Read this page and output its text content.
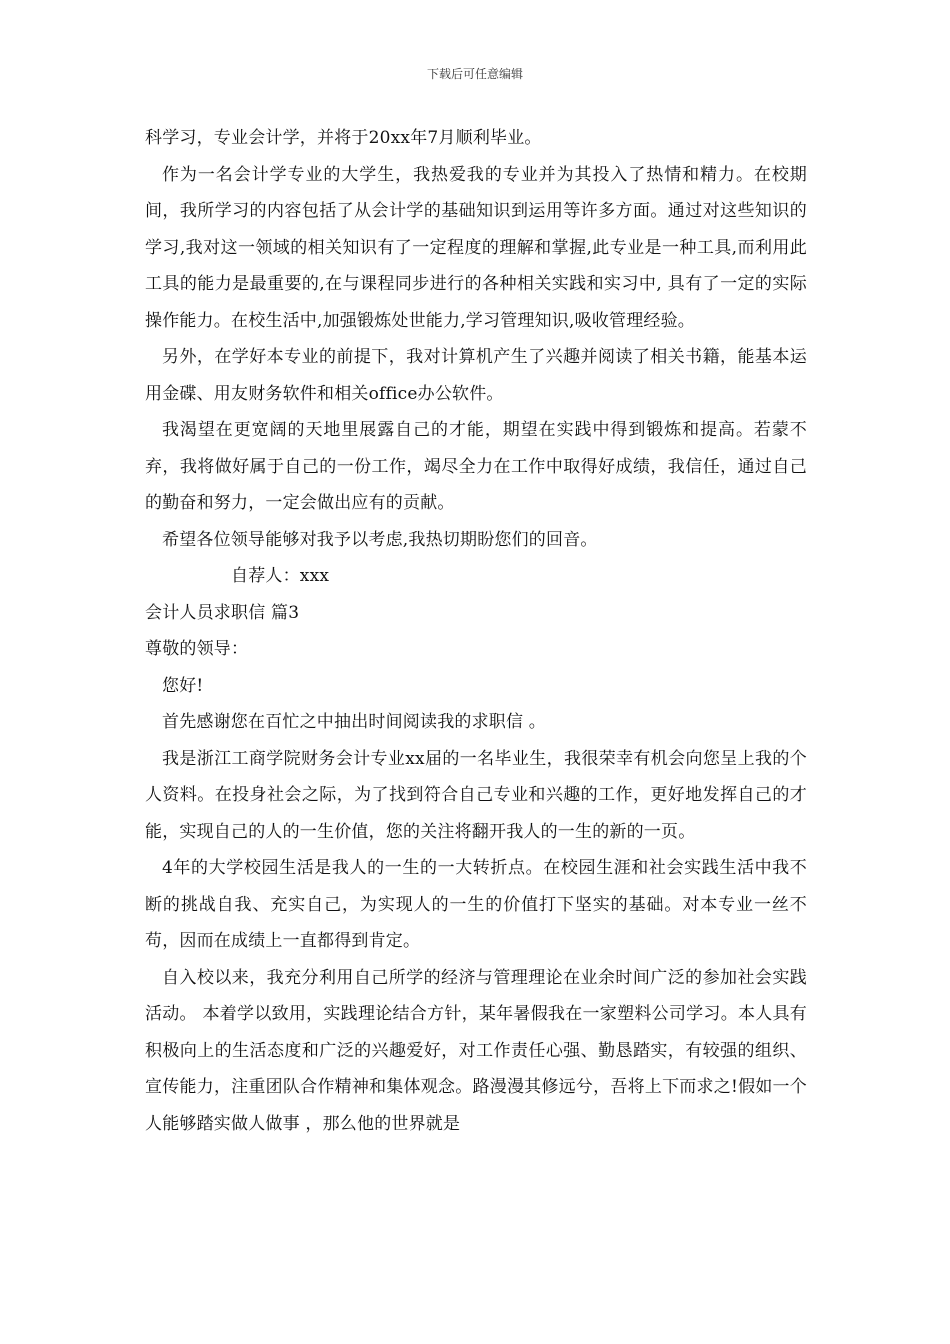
下载后可任意编辑

科学习，专业会计学，并将于20xx年7月顺利毕业。

作为一名会计学专业的大学生，我热爱我的专业并为其投入了热情和精力。在校期间，我所学习的内容包括了从会计学的基础知识到运用等许多方面。通过对这些知识的学习,我对这一领域的相关知识有了一定程度的理解和掌握,此专业是一种工具,而利用此工具的能力是最重要的,在与课程同步进行的各种相关实践和实习中, 具有了一定的实际操作能力。在校生活中,加强锻炼处世能力,学习管理知识,吸收管理经验。

另外，在学好本专业的前提下，我对计算机产生了兴趣并阅读了相关书籍，能基本运用金碟、用友财务软件和相关office办公软件。

我渴望在更宽阔的天地里展露自己的才能，期望在实践中得到锻炼和提高。若蒙不弃，我将做好属于自己的一份工作，竭尽全力在工作中取得好成绩，我信任，通过自己的勤奋和努力，一定会做出应有的贡献。

希望各位领导能够对我予以考虑,我热切期盼您们的回音。

自荐人：xxx

会计人员求职信 篇3

尊敬的领导：

您好!

首先感谢您在百忙之中抽出时间阅读我的求职信 。

我是浙江工商学院财务会计专业xx届的一名毕业生，我很荣幸有机会向您呈上我的个人资料。在投身社会之际，为了找到符合自己专业和兴趣的工作，更好地发挥自己的才能，实现自己的人的一生价值，您的关注将翻开我人的一生的新的一页。

4年的大学校园生活是我人的一生的一大转折点。在校园生涯和社会实践生活中我不断的挑战自我、充实自己，为实现人的一生的价值打下坚实的基础。对本专业一丝不苟，因而在成绩上一直都得到肯定。

自入校以来，我充分利用自己所学的经济与管理理论在业余时间广泛的参加社会实践活动。 本着学以致用，实践理论结合方针，某年暑假我在一家塑料公司学习。本人具有积极向上的生活态度和广泛的兴趣爱好，对工作责任心强、勤恳踏实，有较强的组织、宣传能力，注重团队合作精神和集体观念。路漫漫其修远兮，吾将上下而求之!假如一个人能够踏实做人做事 ，那么他的世界就是
